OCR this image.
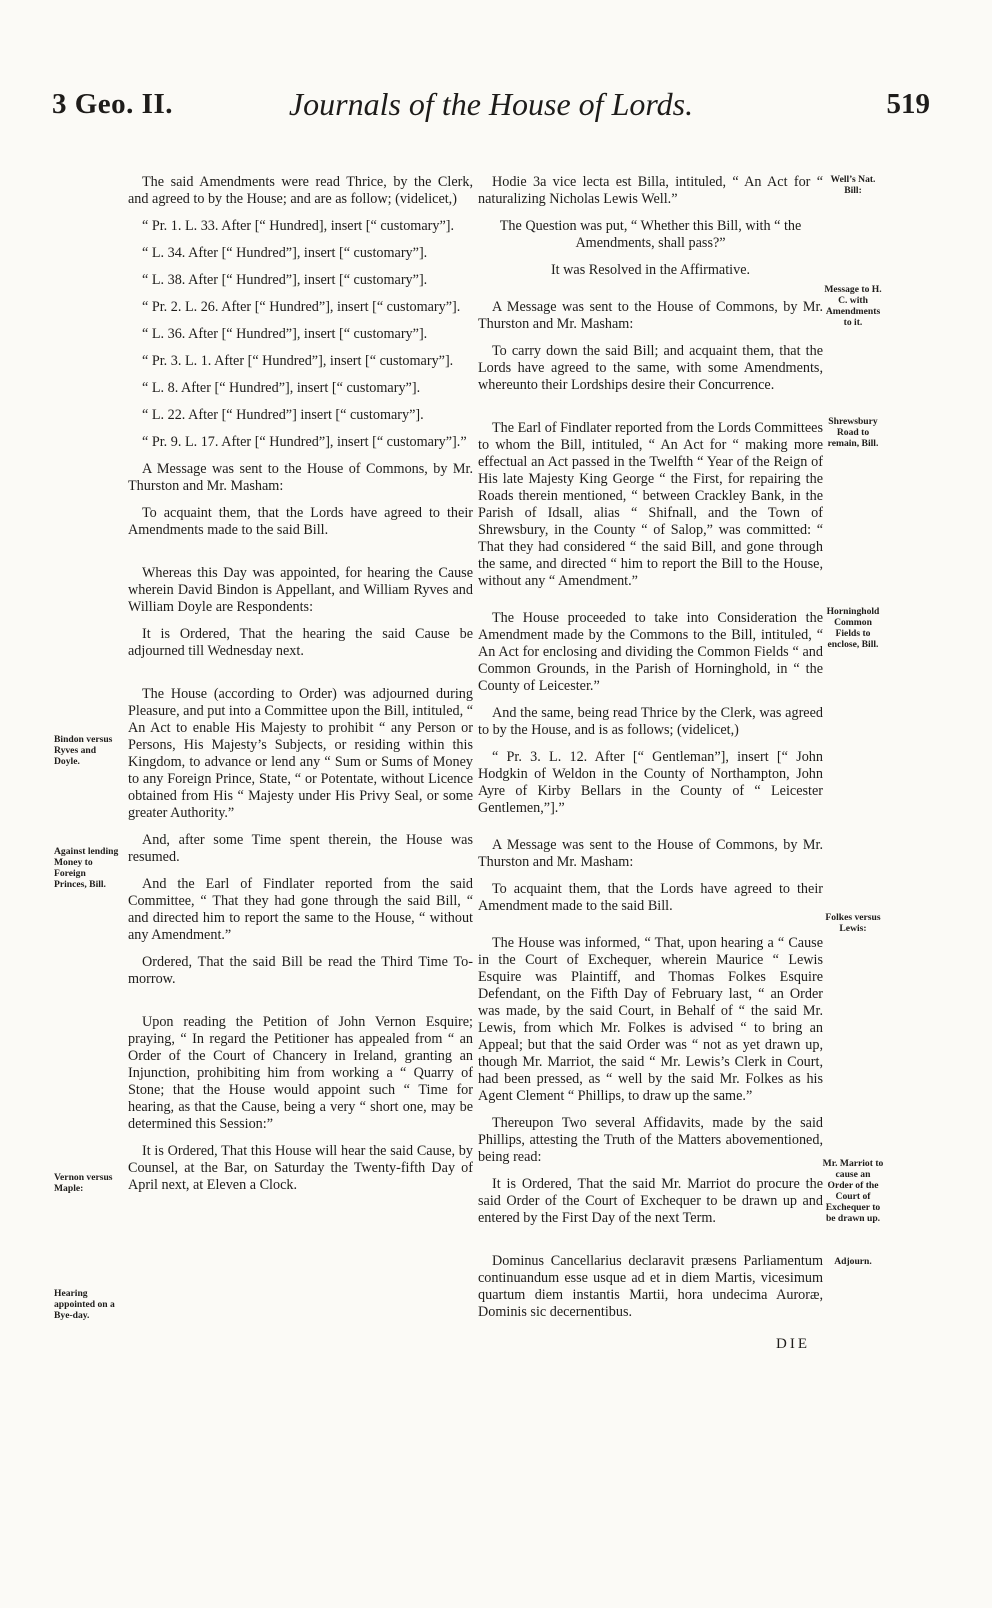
3 Geo. II.	Journals of the House of Lords.	519

The said Amendments were read Thrice, by the Clerk, and agreed to by the House; and are as follow; (videlicet,)

“ Pr. 1. L. 33. After [“ Hundred], insert [“ customary”].

“ L. 34. After [“ Hundred”], insert [“ customary”].

“ L. 38. After [“ Hundred”], insert [“ customary”].

“ Pr. 2. L. 26. After [“ Hundred”], insert [“ customary”].

“ L. 36. After [“ Hundred”], insert [“ customary”].

“ Pr. 3. L. 1. After [“ Hundred”], insert [“ customary”].

“ L. 8. After [“ Hundred”], insert [“ customary”].

“ L. 22. After [“ Hundred”] insert [“ customary”].

“ Pr. 9. L. 17. After [“ Hundred”], insert [“ customary”].”

A Message was sent to the House of Commons, by Mr. Thurston and Mr. Masham:

To acquaint them, that the Lords have agreed to their Amendments made to the said Bill.

Whereas this Day was appointed, for hearing the Cause wherein David Bindon is Appellant, and William Ryves and William Doyle are Respondents:

It is Ordered, That the hearing the said Cause be adjourned till Wednesday next.

The House (according to Order) was adjourned during Pleasure, and put into a Committee upon the Bill, intituled, “ An Act to enable His Majesty to prohibit “ any Person or Persons, His Majesty’s Subjects, or residing within this Kingdom, to advance or lend any “ Sum or Sums of Money to any Foreign Prince, State, “ or Potentate, without Licence obtained from His “ Majesty under His Privy Seal, or some greater Authority.”

And, after some Time spent therein, the House was resumed.

And the Earl of Findlater reported from the said Committee, “ That they had gone through the said Bill, “ and directed him to report the same to the House, “ without any Amendment.”

Ordered, That the said Bill be read the Third Time To-morrow.

Upon reading the Petition of John Vernon Esquire; praying, “ In regard the Petitioner has appealed from “ an Order of the Court of Chancery in Ireland, granting an Injunction, prohibiting him from working a “ Quarry of Stone; that the House would appoint such “ Time for hearing, as that the Cause, being a very “ short one, may be determined this Session:”

It is Ordered, That this House will hear the said Cause, by Counsel, at the Bar, on Saturday the Twenty-fifth Day of April next, at Eleven a Clock.

Bindon versus Ryves and Doyle.
Against lending Money to Foreign Princes, Bill.
Vernon versus Maple:
Hearing appointed on a Bye-day.

Hodie 3a vice lecta est Billa, intituled, “ An Act for “ naturalizing Nicholas Lewis Well.”

The Question was put, “ Whether this Bill, with “ the Amendments, shall pass?”

It was Resolved in the Affirmative.

A Message was sent to the House of Commons, by Mr. Thurston and Mr. Masham:

To carry down the said Bill; and acquaint them, that the Lords have agreed to the same, with some Amendments, whereunto their Lordships desire their Concurrence.

The Earl of Findlater reported from the Lords Committees to whom the Bill, intituled, “ An Act for “ making more effectual an Act passed in the Twelfth “ Year of the Reign of His late Majesty King George “ the First, for repairing the Roads therein mentioned, “ between Crackley Bank, in the Parish of Idsall, alias “ Shifnall, and the Town of Shrewsbury, in the County “ of Salop,” was committed: “ That they had considered “ the said Bill, and gone through the same, and directed “ him to report the Bill to the House, without any “ Amendment.”

The House proceeded to take into Consideration the Amendment made by the Commons to the Bill, intituled, “ An Act for enclosing and dividing the Common Fields “ and Common Grounds, in the Parish of Horninghold, in “ the County of Leicester.”

And the same, being read Thrice by the Clerk, was agreed to by the House, and is as follows; (videlicet,)

“ Pr. 3. L. 12. After [“ Gentleman”], insert [“ John Hodgkin of Weldon in the County of Northampton, John Ayre of Kirby Bellars in the County of “ Leicester Gentlemen,”].”

A Message was sent to the House of Commons, by Mr. Thurston and Mr. Masham:

To acquaint them, that the Lords have agreed to their Amendment made to the said Bill.

The House was informed, “ That, upon hearing a “ Cause in the Court of Exchequer, wherein Maurice “ Lewis Esquire was Plaintiff, and Thomas Folkes Esquire Defendant, on the Fifth Day of February last, “ an Order was made, by the said Court, in Behalf of “ the said Mr. Lewis, from which Mr. Folkes is advised “ to bring an Appeal; but that the said Order was “ not as yet drawn up, though Mr. Marriot, the said “ Mr. Lewis’s Clerk in Court, had been pressed, as “ well by the said Mr. Folkes as his Agent Clement “ Phillips, to draw up the same.”

Thereupon Two several Affidavits, made by the said Phillips, attesting the Truth of the Matters abovementioned, being read:

It is Ordered, That the said Mr. Marriot do procure the said Order of the Court of Exchequer to be drawn up and entered by the First Day of the next Term.

Dominus Cancellarius declaravit præsens Parliamentum continuandum esse usque ad et in diem Martis, vicesimum quartum diem instantis Martii, hora undecima Auroræ, Dominis sic decernentibus.

Well’s Nat. Bill:
Message to H. C. with Amendments to it.
Shrewsbury Road to remain, Bill.
Horninghold Common Fields to enclose, Bill.
Folkes versus Lewis:
Mr. Marriot to cause an Order of the Court of Exchequer to be drawn up.
Adjourn.
DIE
